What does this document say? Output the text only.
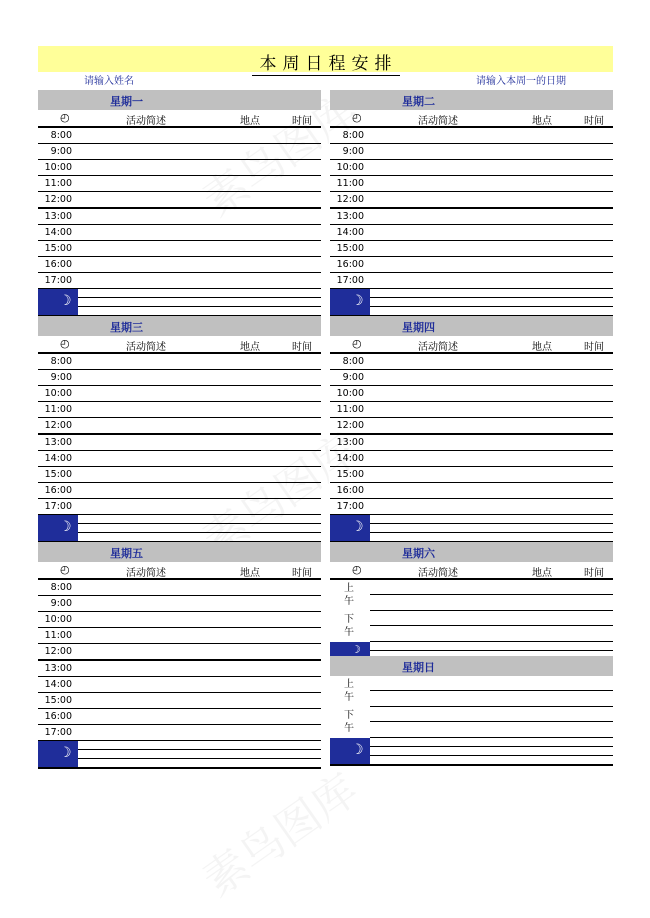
本周日程安排
请输入姓名	请输入本周一的日期
星期一
◴	活动简述	地点	时间
8:00
9:00
10:00
11:00
12:00
13:00
14:00
15:00
16:00
17:00
☽
星期二
◴	活动简述	地点	时间
8:00
9:00
10:00
11:00
12:00
13:00
14:00
15:00
16:00
17:00
☽
星期三
◴	活动简述	地点	时间
8:00
9:00
10:00
11:00
12:00
13:00
14:00
15:00
16:00
17:00
☽
星期四
◴	活动简述	地点	时间
8:00
9:00
10:00
11:00
12:00
13:00
14:00
15:00
16:00
17:00
☽
星期五
◴	活动简述	地点	时间
8:00
9:00
10:00
11:00
12:00
13:00
14:00
15:00
16:00
17:00
☽
星期六
◴	活动简述	地点	时间
上午
下午
☽
星期日
上午
下午
☽
